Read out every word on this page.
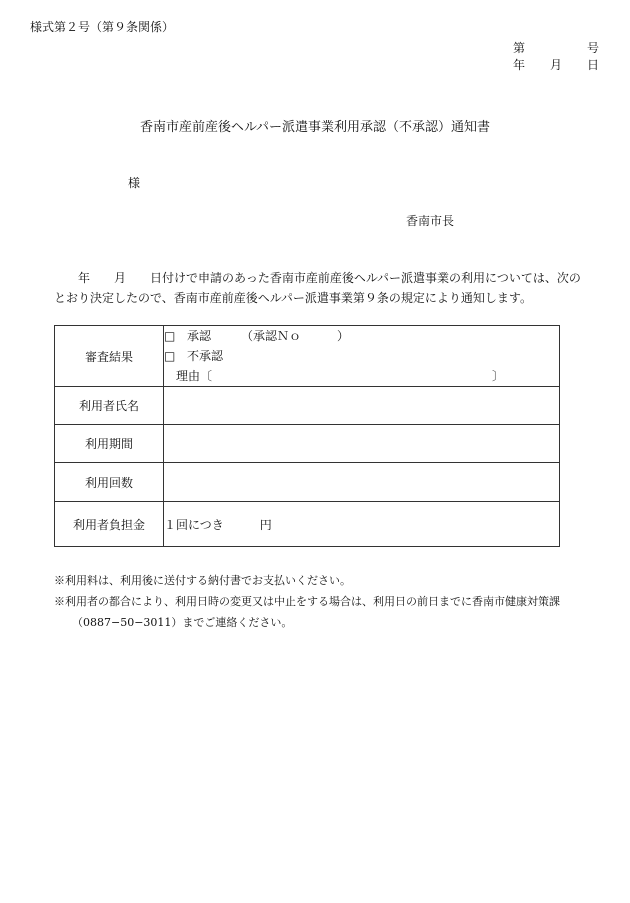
様式第２号（第９条関係）
第	号
年 月 日
香南市産前産後ヘルパー派遣事業利用承認（不承認）通知書
様
香南市長
　　年　　月　　日付けで申請のあった香南市産前産後ヘルパー派遣事業の利用については、次の
とおり決定したので、香南市産前産後ヘルパー派遣事業第９条の規定により通知します。
審査結果	□ 承認 （承認Ｎｏ　　　）
□ 不承認
理由〔 〕

利用者氏名	
利用期間	
利用回数	
利用者負担金	１回につき 円
※利用料は、利用後に送付する納付書でお支払いください。
※利用者の都合により、利用日時の変更又は中止をする場合は、利用日の前日までに香南市健康対策課
（0887−50−3011）までご連絡ください。
